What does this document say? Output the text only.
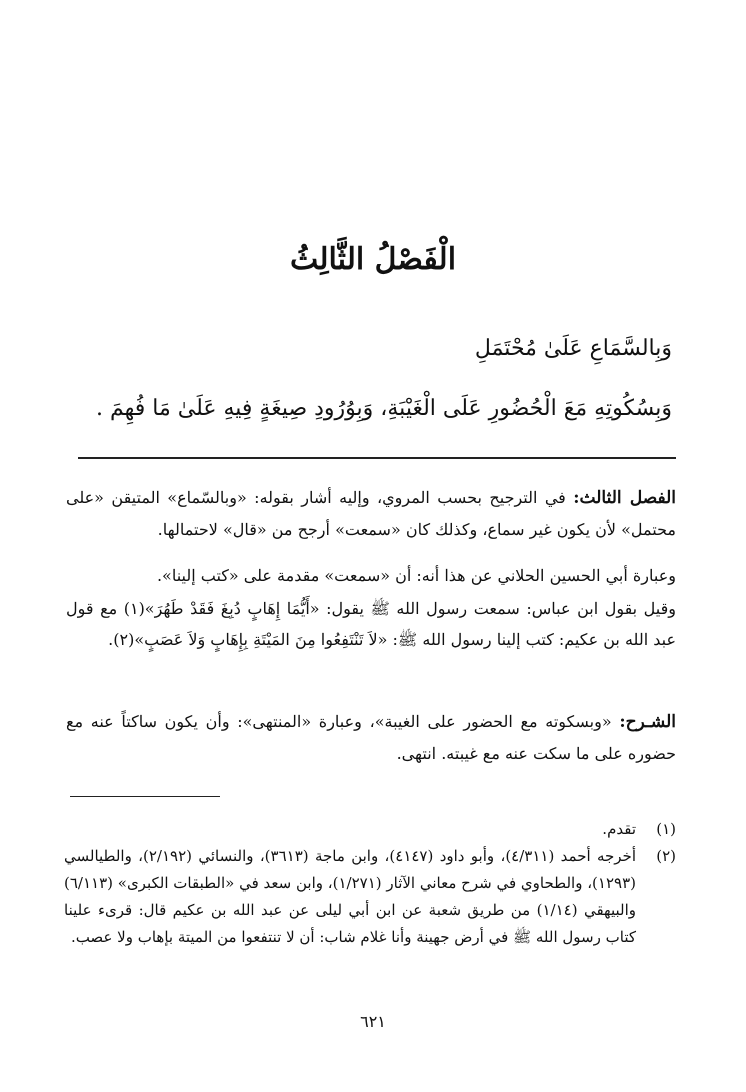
الْفَصْلُ الثَّالِثُ
وَبِالسَّمَاعِ عَلَىٰ مُحْتَمَلِ
وَبِسُكُوتِهِ مَعَ الْحُضُورِ عَلَى الْغَيْبَةِ، وَبِوُرُودِ صِيغَةٍ فِيهِ عَلَىٰ مَا فُهِمَ .
الفصل الثالث: في الترجيح بحسب المروي، وإليه أشار بقوله: «وبالسّماع» المتيقن «على محتمل» لأن يكون غير سماع، وكذلك كان «سمعت» أرجح من «قال» لاحتمالها.
وعبارة أبي الحسين الحلاني عن هذا أنه: أن «سمعت» مقدمة على «كتب إلينا».
وقيل بقول ابن عباس: سمعت رسول الله ﷺ يقول: «أَيُّمَا إِهَابٍ دُبِغَ فَقَدْ طَهُرَ»(١) مع قول عبد الله بن عكيم: كتب إلينا رسول الله ﷺ: «لاَ تَنْتَفِعُوا مِنَ المَيْتَةِ بِإِهَابٍ وَلاَ عَصَبٍ»(٢).
الشـرح: «وبسكوته مع الحضور على الغيبة»، وعبارة «المنتهى»: وأن يكون ساكتاً عنه مع حضوره على ما سكت عنه مع غيبته. انتهى.
(١)
تقدم.
(٢)
أخرجه أحمد (٤/٣١١)، وأبو داود (٤١٤٧)، وابن ماجة (٣٦١٣)، والنسائي (٢/١٩٢)، والطيالسي (١٢٩٣)، والطحاوي في شرح معاني الآثار (١/٢٧١)، وابن سعد في «الطبقات الكبرى» (٦/١١٣) والبيهقي (١/١٤) من طريق شعبة عن ابن أبي ليلى عن عبد الله بن عكيم قال: قرىء علينا كتاب رسول الله ﷺ في أرض جهينة وأنا غلام شاب: أن لا تنتفعوا من الميتة بإهاب ولا عصب.
٦٢١
